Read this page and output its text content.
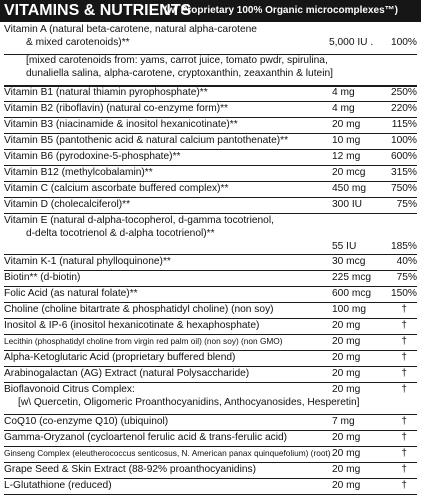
VITAMINS & NUTRIENTS
(w/ Proprietary 100% Organic microcomplexes™)
Vitamin A (natural beta-carotene, natural alpha-carotene
& mixed carotenoids)**	5,000 IU . 100%
[mixed carotenoids from: yams, carrot juice, tomato pwdr, spirulina,
dunaliella salina, alpha-carotene, cryptoxanthin, zeaxanthin & lutein]
Vitamin B1 (natural thiamin pyrophosphate)**	4 mg	250%
Vitamin B2 (riboflavin) (natural co-enzyme form)**	4 mg	220%
Vitamin B3 (niacinamide & inositol hexanicotinate)**	20 mg	115%
Vitamin B5 (pantothenic acid & natural calcium pantothenate)**	10 mg	100%
Vitamin B6 (pyrodoxine-5-phosphate)**	12 mg	600%
Vitamin B12 (methylcobalamin)**	20 mcg	315%
Vitamin C (calcium ascorbate buffered complex)**	450 mg 750%
Vitamin D (cholecalciferol)**	300 IU	75%
Vitamin E (natural d-alpha-tocopherol, d-gamma tocotrienol,
d-delta tocotrienol & d-alpha tocotrienol)**
55 IU	185%
Vitamin K-1 (natural phylloquinone)**	30 mcg	40%
Biotin** (d-biotin)	225 mcg	75%
Folic Acid (as natural folate)**	600 mcg 150%
Choline (choline bitartrate & phosphatidyl choline) (non soy)	100 mg	†
Inositol & IP-6 (inositol hexanicotinate & hexaphosphate)	20 mg	†
Lecithin (phosphatidyl choline from virgin red palm oil) (non soy) (non GMO)	20 mg	†
Alpha-Ketoglutaric Acid (proprietary buffered blend)	20 mg	†
Arabinogalactan (AG) Extract (natural Polysaccharide)	20 mg	†
Bioflavonoid Citrus Complex:
[w\ Quercetin, Oligomeric Proanthocyanidins, Anthocyanosides, Hesperetin]
20 mg	†
CoQ10 (co-enzyme Q10) (ubiquinol)	7 mg	†
Gamma-Oryzanol (cycloartenol ferulic acid & trans-ferulic acid)	20 mg	†
Ginseng Complex (eleutherococcus senticosus, N. American panax quinquefolium) (root) 20 mg	†
Grape Seed & Skin Extract (88-92% proanthocyanidins)	20 mg	†
L-Glutathione (reduced)	20 mg	†
